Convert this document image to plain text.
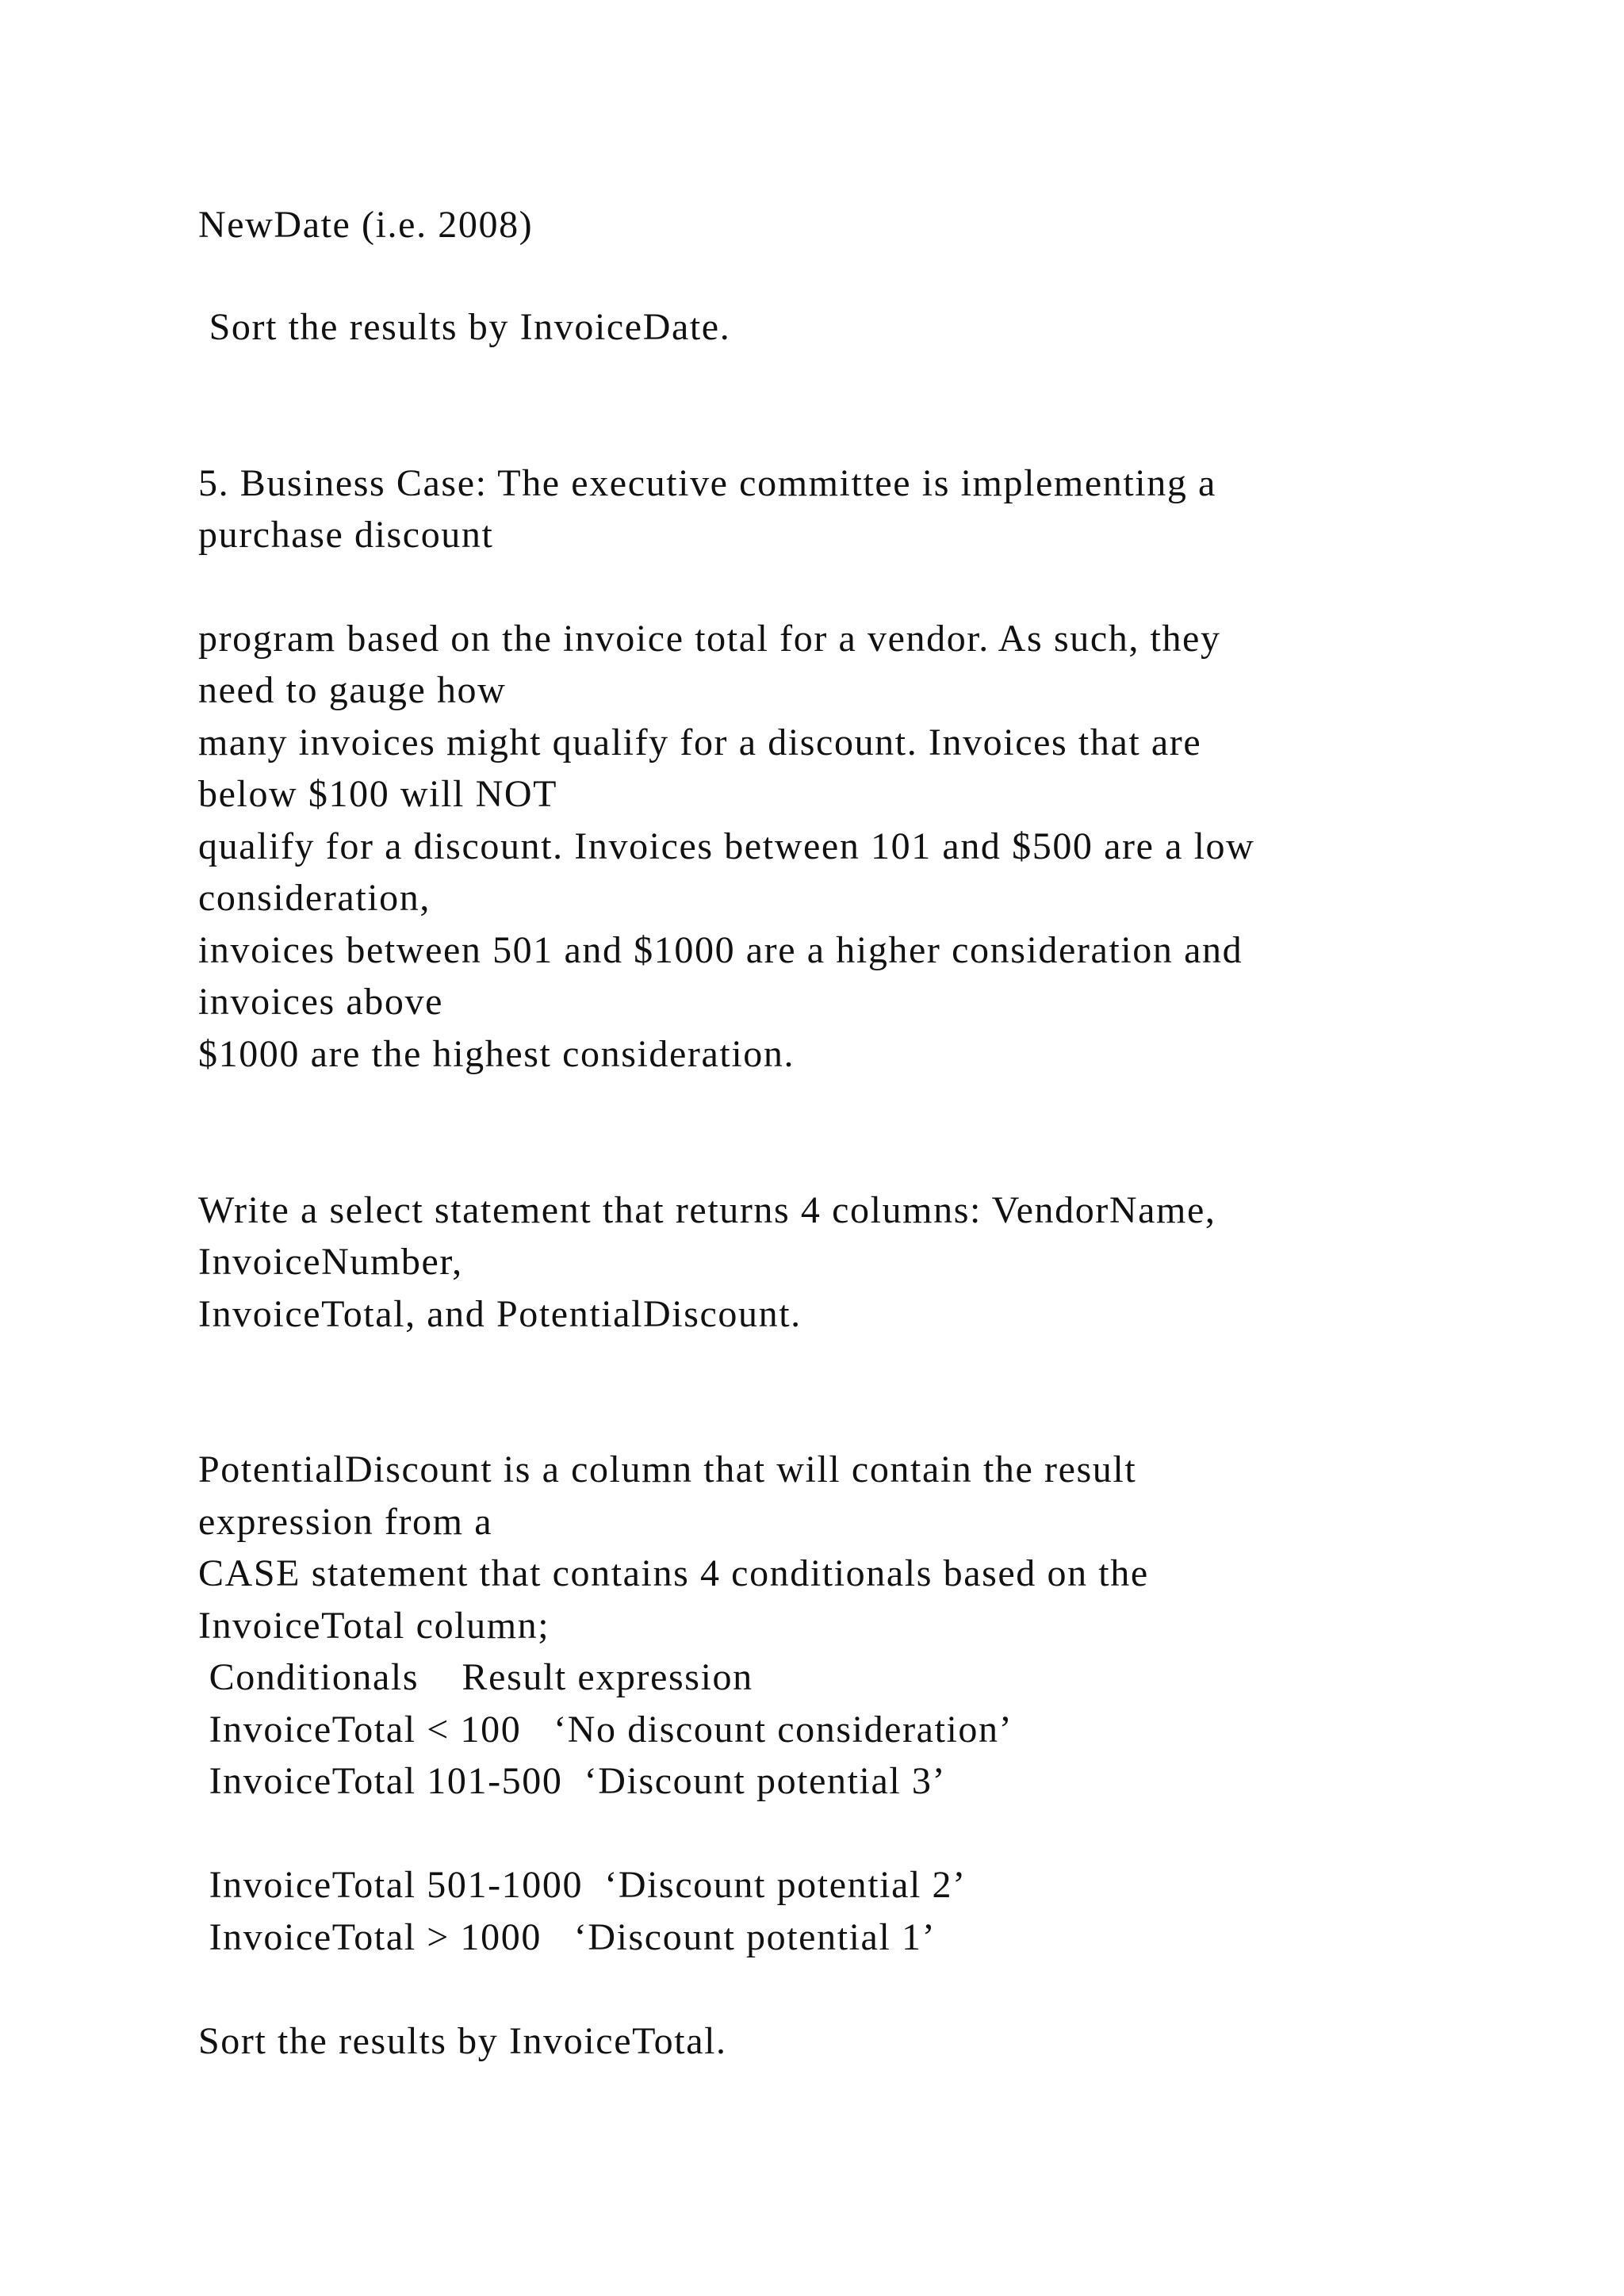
NewDate (i.e. 2008)

Sort the results by InvoiceDate.

5. Business Case: The executive committee is implementing a

purchase discount

program based on the invoice total for a vendor. As such, they

need to gauge how

many invoices might qualify for a discount. Invoices that are

below $100 will NOT

qualify for a discount. Invoices between 101 and $500 are a low

consideration,

invoices between 501 and $1000 are a higher consideration and

invoices above

$1000 are the highest consideration.

Write a select statement that returns 4 columns: VendorName,

InvoiceNumber,

InvoiceTotal, and PotentialDiscount.

PotentialDiscount is a column that will contain the result

expression from a

CASE statement that contains 4 conditionals based on the

InvoiceTotal column;

Conditionals    Result expression

InvoiceTotal < 100   ‘No discount consideration’

InvoiceTotal 101-500  ‘Discount potential 3’

InvoiceTotal 501-1000  ‘Discount potential 2’

InvoiceTotal > 1000   ‘Discount potential 1’

Sort the results by InvoiceTotal.
